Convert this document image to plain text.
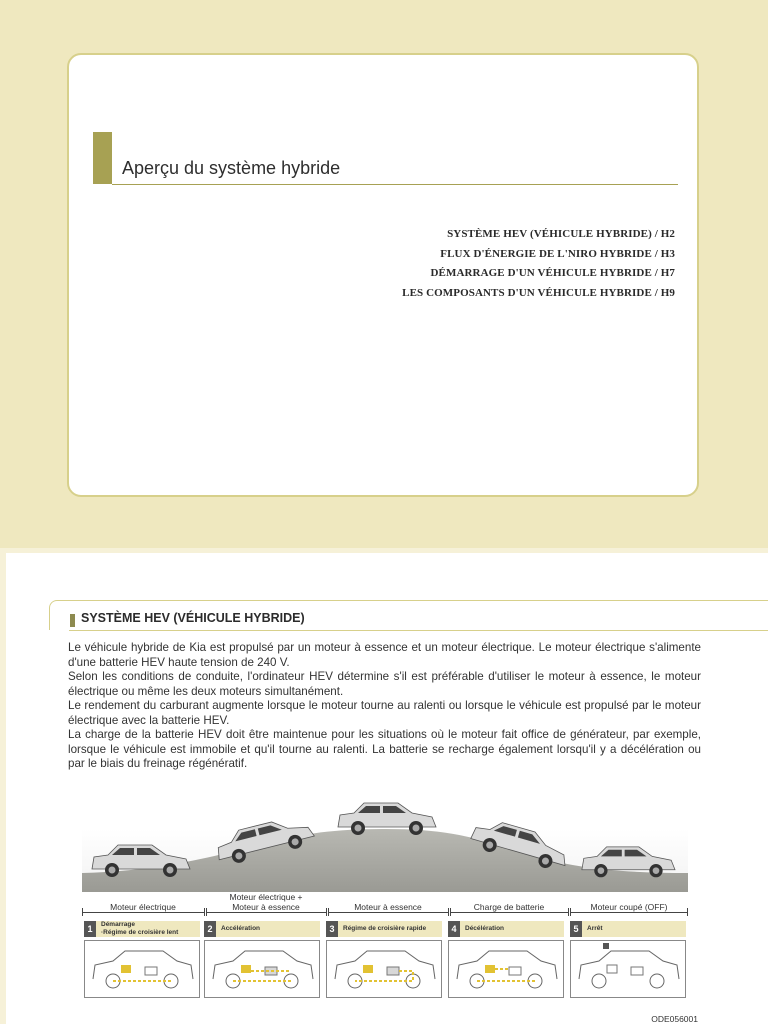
Aperçu du système hybride
SYSTÈME HEV (VÉHICULE HYBRIDE) / H2
FLUX D'ÉNERGIE DE L'NIRO HYBRIDE / H3
DÉMARRAGE D'UN VÉHICULE HYBRIDE / H7
LES COMPOSANTS D'UN VÉHICULE HYBRIDE / H9
SYSTÈME HEV (VÉHICULE HYBRIDE)

Le véhicule hybride de Kia est propulsé par un moteur à essence et un moteur électrique. Le moteur électrique s'alimente d'une batterie HEV haute tension de 240 V.

Selon les conditions de conduite, l'ordinateur HEV détermine s'il est préférable d'utiliser le moteur à essence, le moteur électrique ou même les deux moteurs simultanément.

Le rendement du carburant augmente lorsque le moteur tourne au ralenti ou lorsque le véhicule est propulsé par le moteur électrique avec la batterie HEV.

La charge de la batterie HEV doit être maintenue pour les situations où le moteur fait office de générateur, par exemple, lorsque le véhicule est immobile et qu'il tourne au ralenti. La batterie se recharge également lorsqu'il y a décélération ou par le biais du freinage régénératif.

Moteur électrique
Moteur électrique +
Moteur à essence	Moteur à essence	Charge de batterie	Moteur coupé (OFF)
1	Démarrage
·Régime de croisière lent	2	Accélération	3	Régime de croisière rapide	4	Décélération	5	Arrêt
ODE056001
